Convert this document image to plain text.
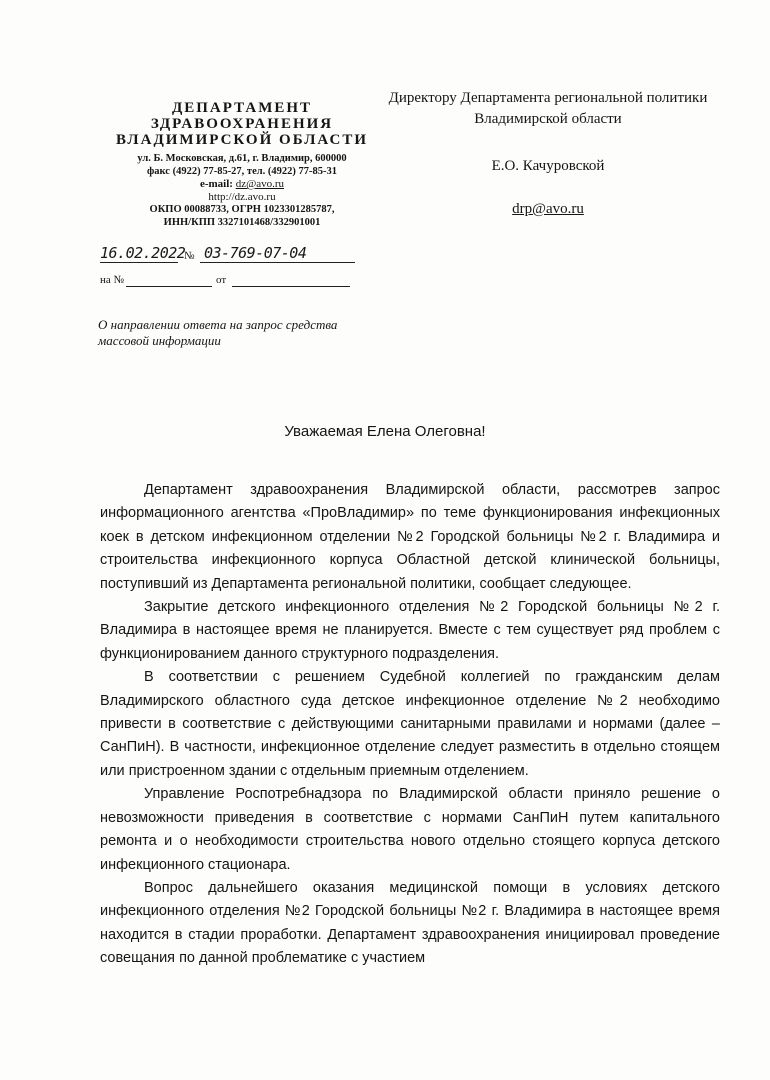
ДЕПАРТАМЕНТ

ЗДРАВООХРАНЕНИЯ

ВЛАДИМИРСКОЙ ОБЛАСТИ

ул. Б. Московская, д.61, г. Владимир, 600000

факс (4922) 77-85-27, тел. (4922) 77-85-31

e-mail: dz@avo.ru

http://dz.avo.ru

ОКПО 00088733, ОГРН 1023301285787,

ИНН/КПП 3327101468/332901001

16.02.2022
№ 03-769-07-04
на №	от
О направлении ответа на запрос средства массовой информации
Директору Департамента региональной политики Владимирской области
Е.О. Качуровской
drp@avo.ru
Уважаемая Елена Олеговна!

Департамент здравоохранения Владимирской области, рассмотрев запрос информационного агентства «ПроВладимир» по теме функционирования инфекционных коек в детском инфекционном отделении №2 Городской больницы №2 г. Владимира и строительства инфекционного корпуса Областной детской клинической больницы, поступивший из Департамента региональной политики, сообщает следующее.

Закрытие детского инфекционного отделения №2 Городской больницы №2 г. Владимира в настоящее время не планируется. Вместе с тем существует ряд проблем с функционированием данного структурного подразделения.

В соответствии с решением Судебной коллегией по гражданским делам Владимирского областного суда детское инфекционное отделение №2 необходимо привести в соответствие с действующими санитарными правилами и нормами (далее – СанПиН). В частности, инфекционное отделение следует разместить в отдельно стоящем или пристроенном здании с отдельным приемным отделением.

Управление Роспотребнадзора по Владимирской области приняло решение о невозможности приведения в соответствие с нормами СанПиН путем капитального ремонта и о необходимости строительства нового отдельно стоящего корпуса детского инфекционного стационара.

Вопрос дальнейшего оказания медицинской помощи в условиях детского инфекционного отделения №2 Городской больницы №2 г. Владимира в настоящее время находится в стадии проработки. Департамент здравоохранения инициировал проведение совещания по данной проблематике с участием
